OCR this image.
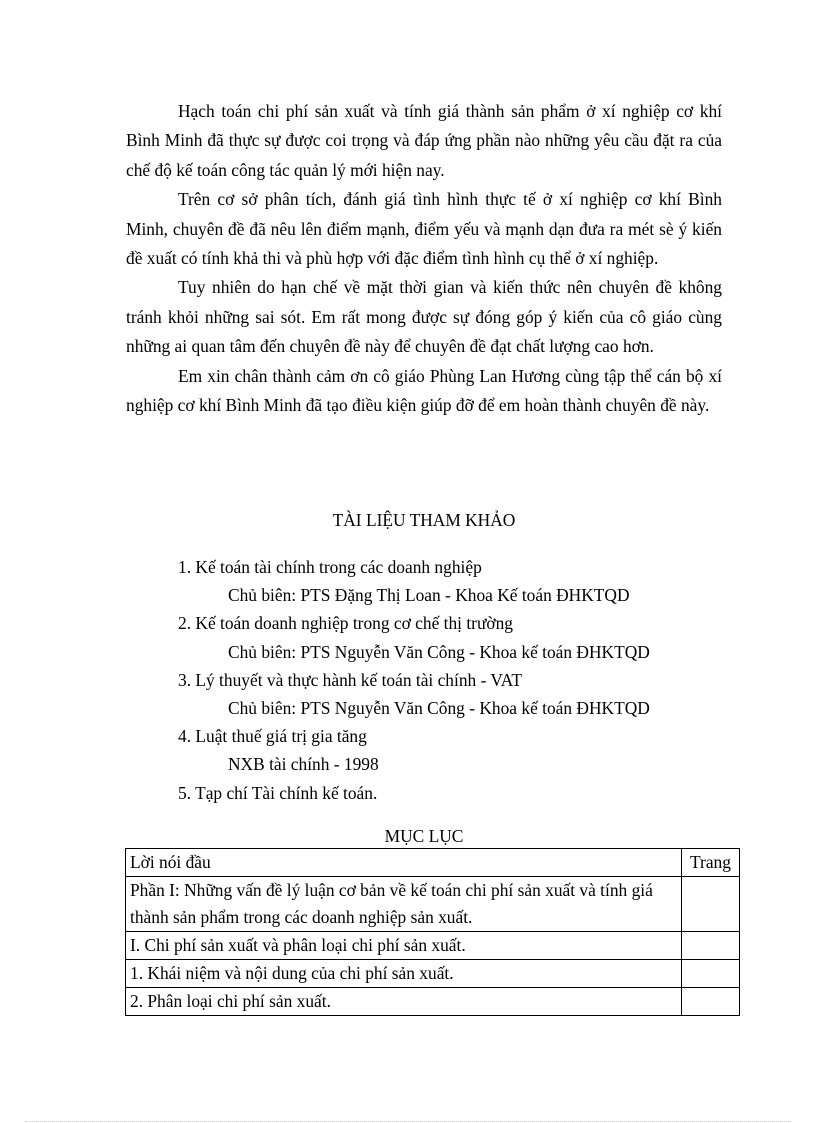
Hạch toán chi phí sản xuất và tính giá thành sản phẩm ở xí nghiệp cơ khí Bình Minh đã thực sự được coi trọng và đáp ứng phần nào những yêu cầu đặt ra của chế độ kế toán công tác quản lý mới hiện nay.

Trên cơ sở phân tích, đánh giá tình hình thực tế ở xí nghiệp cơ khí Bình Minh, chuyên đề đã nêu lên điểm mạnh, điểm yếu và mạnh dạn đưa ra mét sè ý kiến đề xuất có tính khả thi và phù hợp với đặc điểm tình hình cụ thể ở xí nghiệp.

Tuy nhiên do hạn chế về mặt thời gian và kiến thức nên chuyên đề không tránh khỏi những sai sót. Em rất mong được sự đóng góp ý kiến của cô giáo cùng những ai quan tâm đến chuyên đề này để chuyên đề đạt chất lượng cao hơn.

Em xin chân thành cảm ơn cô giáo Phùng Lan Hương cùng tập thể cán bộ xí nghiệp cơ khí Bình Minh đã tạo điều kiện giúp đỡ để em hoàn thành chuyên đề này.

TÀI LIỆU THAM KHẢO

1. Kế toán tài chính trong các doanh nghiệp

Chủ biên: PTS Đặng Thị Loan - Khoa Kế toán ĐHKTQD

2. Kế toán doanh nghiệp trong cơ chế thị trường

Chủ biên: PTS Nguyễn Văn Công - Khoa kế toán ĐHKTQD

3. Lý thuyết và thực hành kế toán tài chính - VAT

Chủ biên: PTS Nguyễn Văn Công - Khoa kế toán ĐHKTQD

4. Luật thuế giá trị gia tăng

NXB tài chính - 1998

5. Tạp chí Tài chính kế toán.

MỤC LỤC
Lời nói đầu	Trang
Phần I: Những vấn đề lý luận cơ bản về kế toán chi phí sản xuất và tính giá thành sản phẩm trong các doanh nghiệp sản xuất.	
I. Chi phí sản xuất và phân loại chi phí sản xuất.	
1. Khái niệm và nội dung của chi phí sản xuất.	
2. Phân loại chi phí sản xuất.	
